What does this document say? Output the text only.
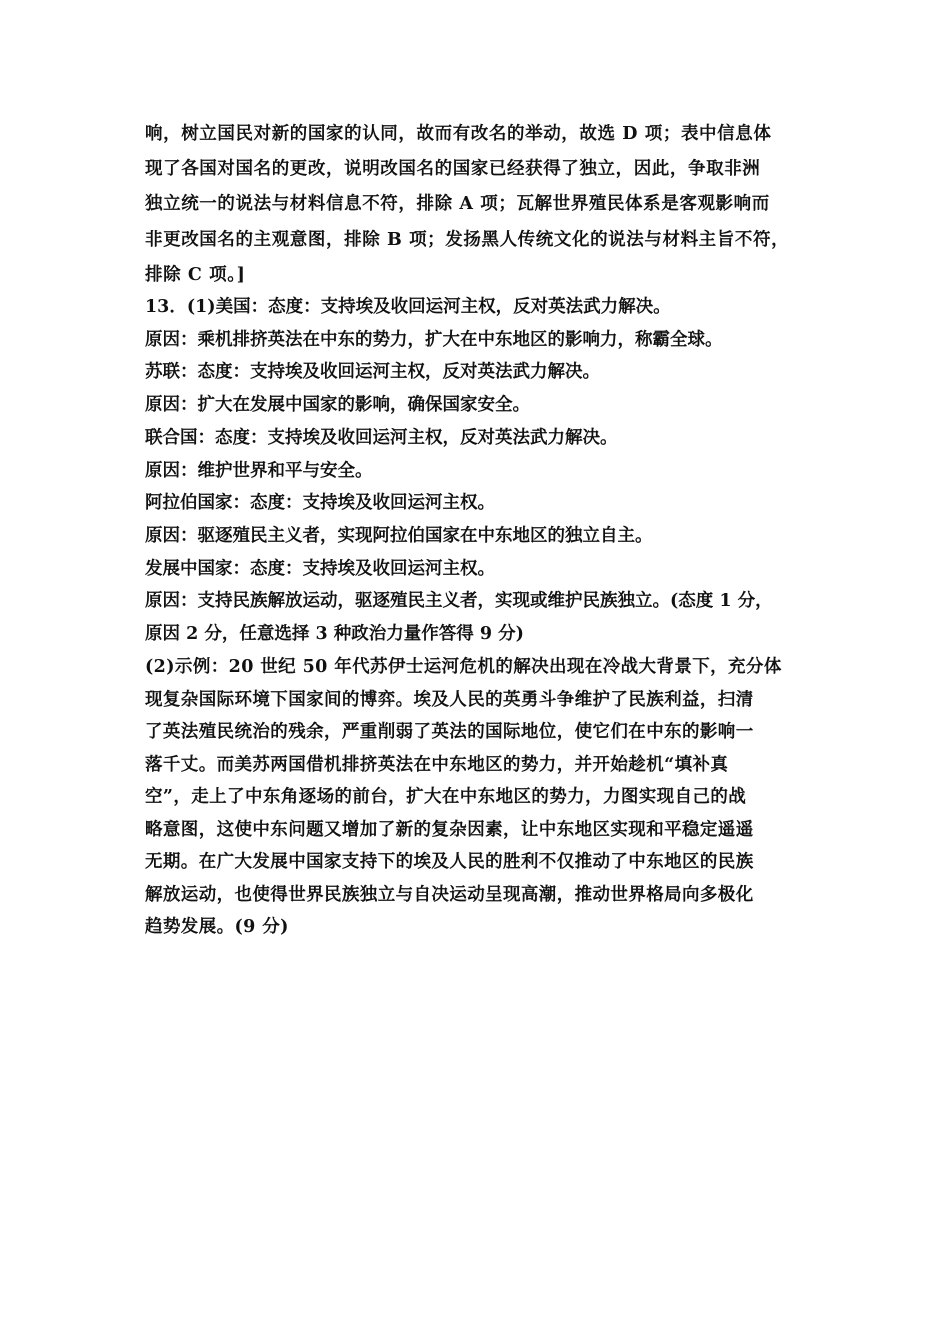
响，树立国民对新的国家的认同，故而有改名的举动，故选 D 项；表中信息体
现了各国对国名的更改，说明改国名的国家已经获得了独立，因此，争取非洲
独立统一的说法与材料信息不符，排除 A 项；瓦解世界殖民体系是客观影响而
非更改国名的主观意图，排除 B 项；发扬黑人传统文化的说法与材料主旨不符，
排除 C 项。]
13．(1)美国：态度：支持埃及收回运河主权，反对英法武力解决。
原因：乘机排挤英法在中东的势力，扩大在中东地区的影响力，称霸全球。
苏联：态度：支持埃及收回运河主权，反对英法武力解决。
原因：扩大在发展中国家的影响，确保国家安全。
联合国：态度：支持埃及收回运河主权，反对英法武力解决。
原因：维护世界和平与安全。
阿拉伯国家：态度：支持埃及收回运河主权。
原因：驱逐殖民主义者，实现阿拉伯国家在中东地区的独立自主。
发展中国家：态度：支持埃及收回运河主权。
原因：支持民族解放运动，驱逐殖民主义者，实现或维护民族独立。(态度 1 分，
原因 2 分，任意选择 3 种政治力量作答得 9 分)
(2)示例：20 世纪 50 年代苏伊士运河危机的解决出现在冷战大背景下，充分体
现复杂国际环境下国家间的博弈。埃及人民的英勇斗争维护了民族利益，扫清
了英法殖民统治的残余，严重削弱了英法的国际地位，使它们在中东的影响一
落千丈。而美苏两国借机排挤英法在中东地区的势力，并开始趁机“填补真
空”，走上了中东角逐场的前台，扩大在中东地区的势力，力图实现自己的战
略意图，这使中东问题又增加了新的复杂因素，让中东地区实现和平稳定遥遥
无期。在广大发展中国家支持下的埃及人民的胜利不仅推动了中东地区的民族
解放运动，也使得世界民族独立与自决运动呈现高潮，推动世界格局向多极化
趋势发展。(9 分)
